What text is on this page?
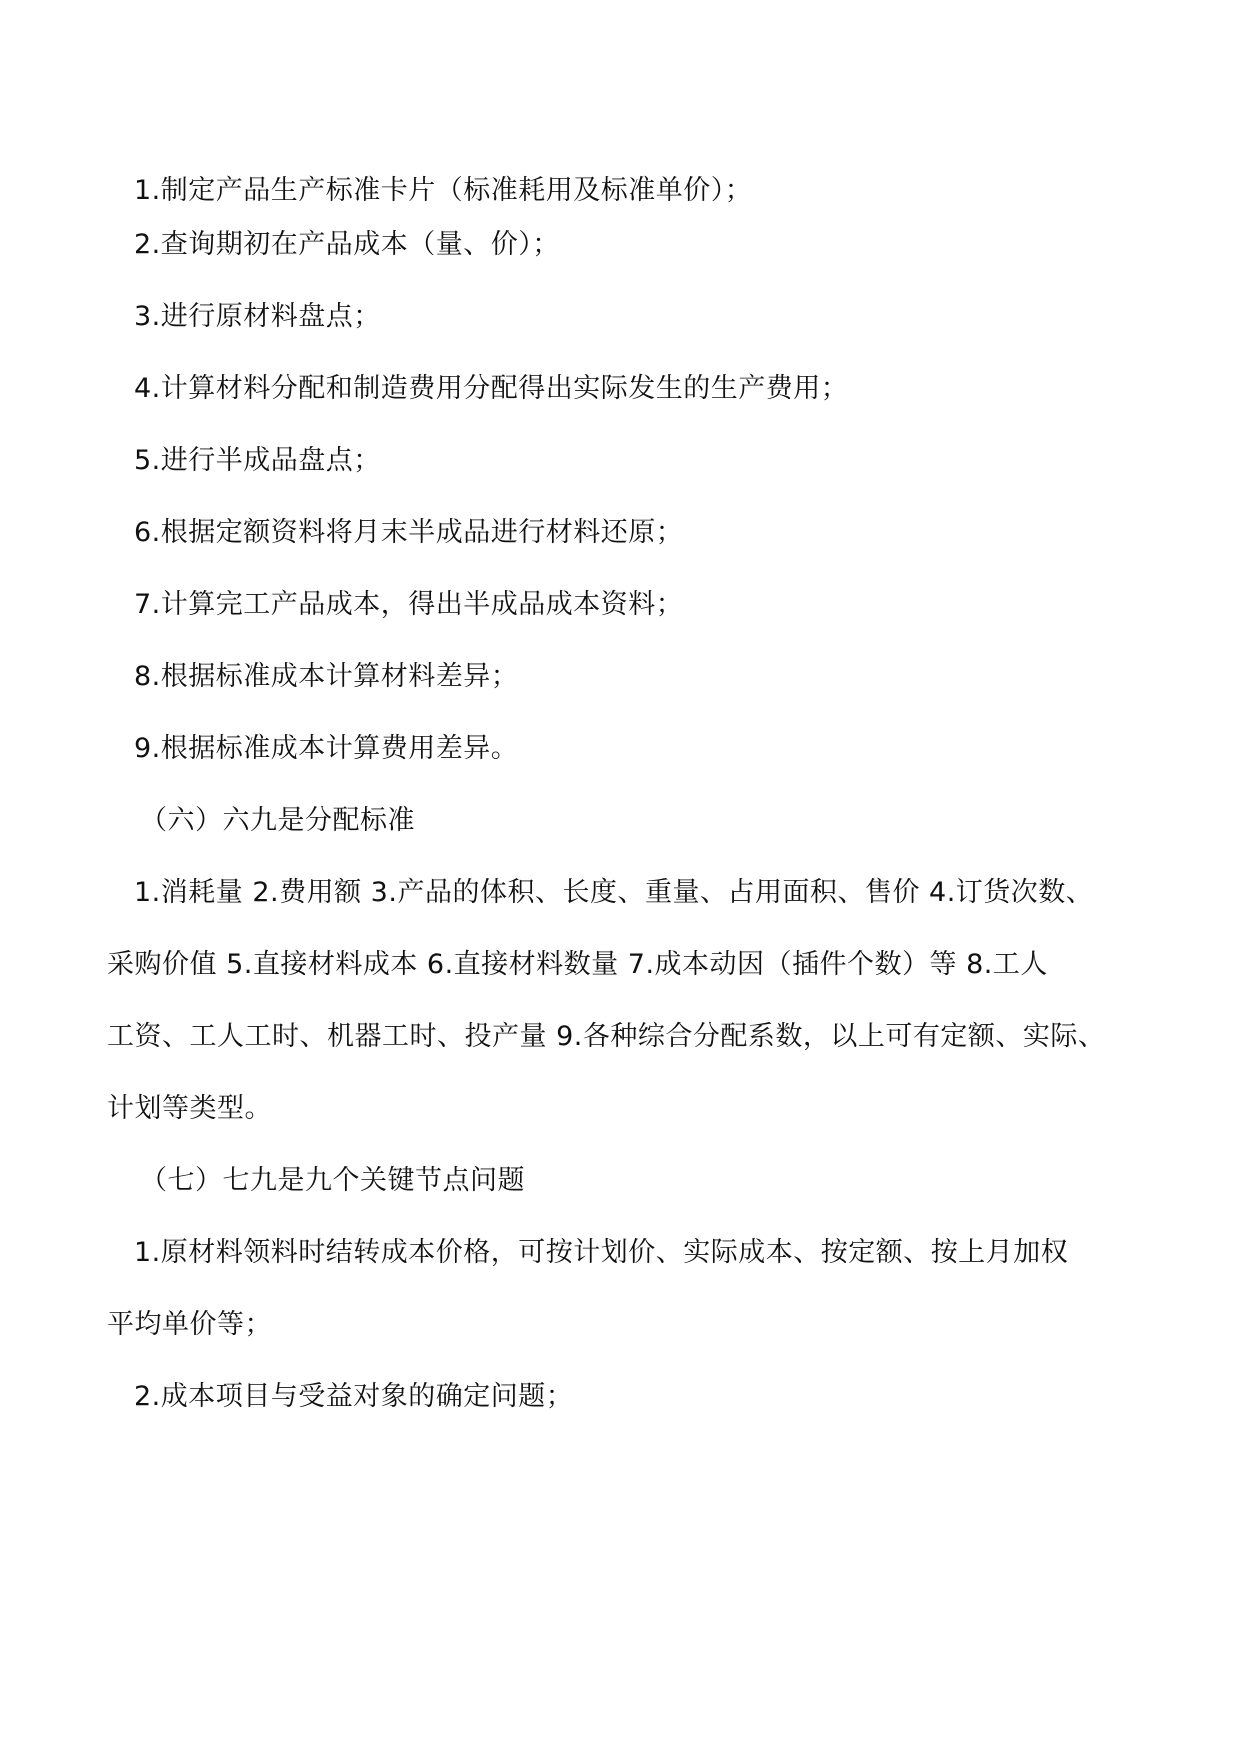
1.制定产品生产标准卡片（标准耗用及标准单价）；

2.查询期初在产品成本（量、价）；

3.进行原材料盘点；

4.计算材料分配和制造费用分配得出实际发生的生产费用；

5.进行半成品盘点；

6.根据定额资料将月末半成品进行材料还原；

7.计算完工产品成本，得出半成品成本资料；

8.根据标准成本计算材料差异；

9.根据标准成本计算费用差异。

（六）六九是分配标准

1.消耗量 2.费用额 3.产品的体积、长度、重量、占用面积、售价 4.订货次数、

采购价值 5.直接材料成本 6.直接材料数量 7.成本动因（插件个数）等 8.工人

工资、工人工时、机器工时、投产量 9.各种综合分配系数，以上可有定额、实际、

计划等类型。

（七）七九是九个关键节点问题

1.原材料领料时结转成本价格，可按计划价、实际成本、按定额、按上月加权

平均单价等；

2.成本项目与受益对象的确定问题；
